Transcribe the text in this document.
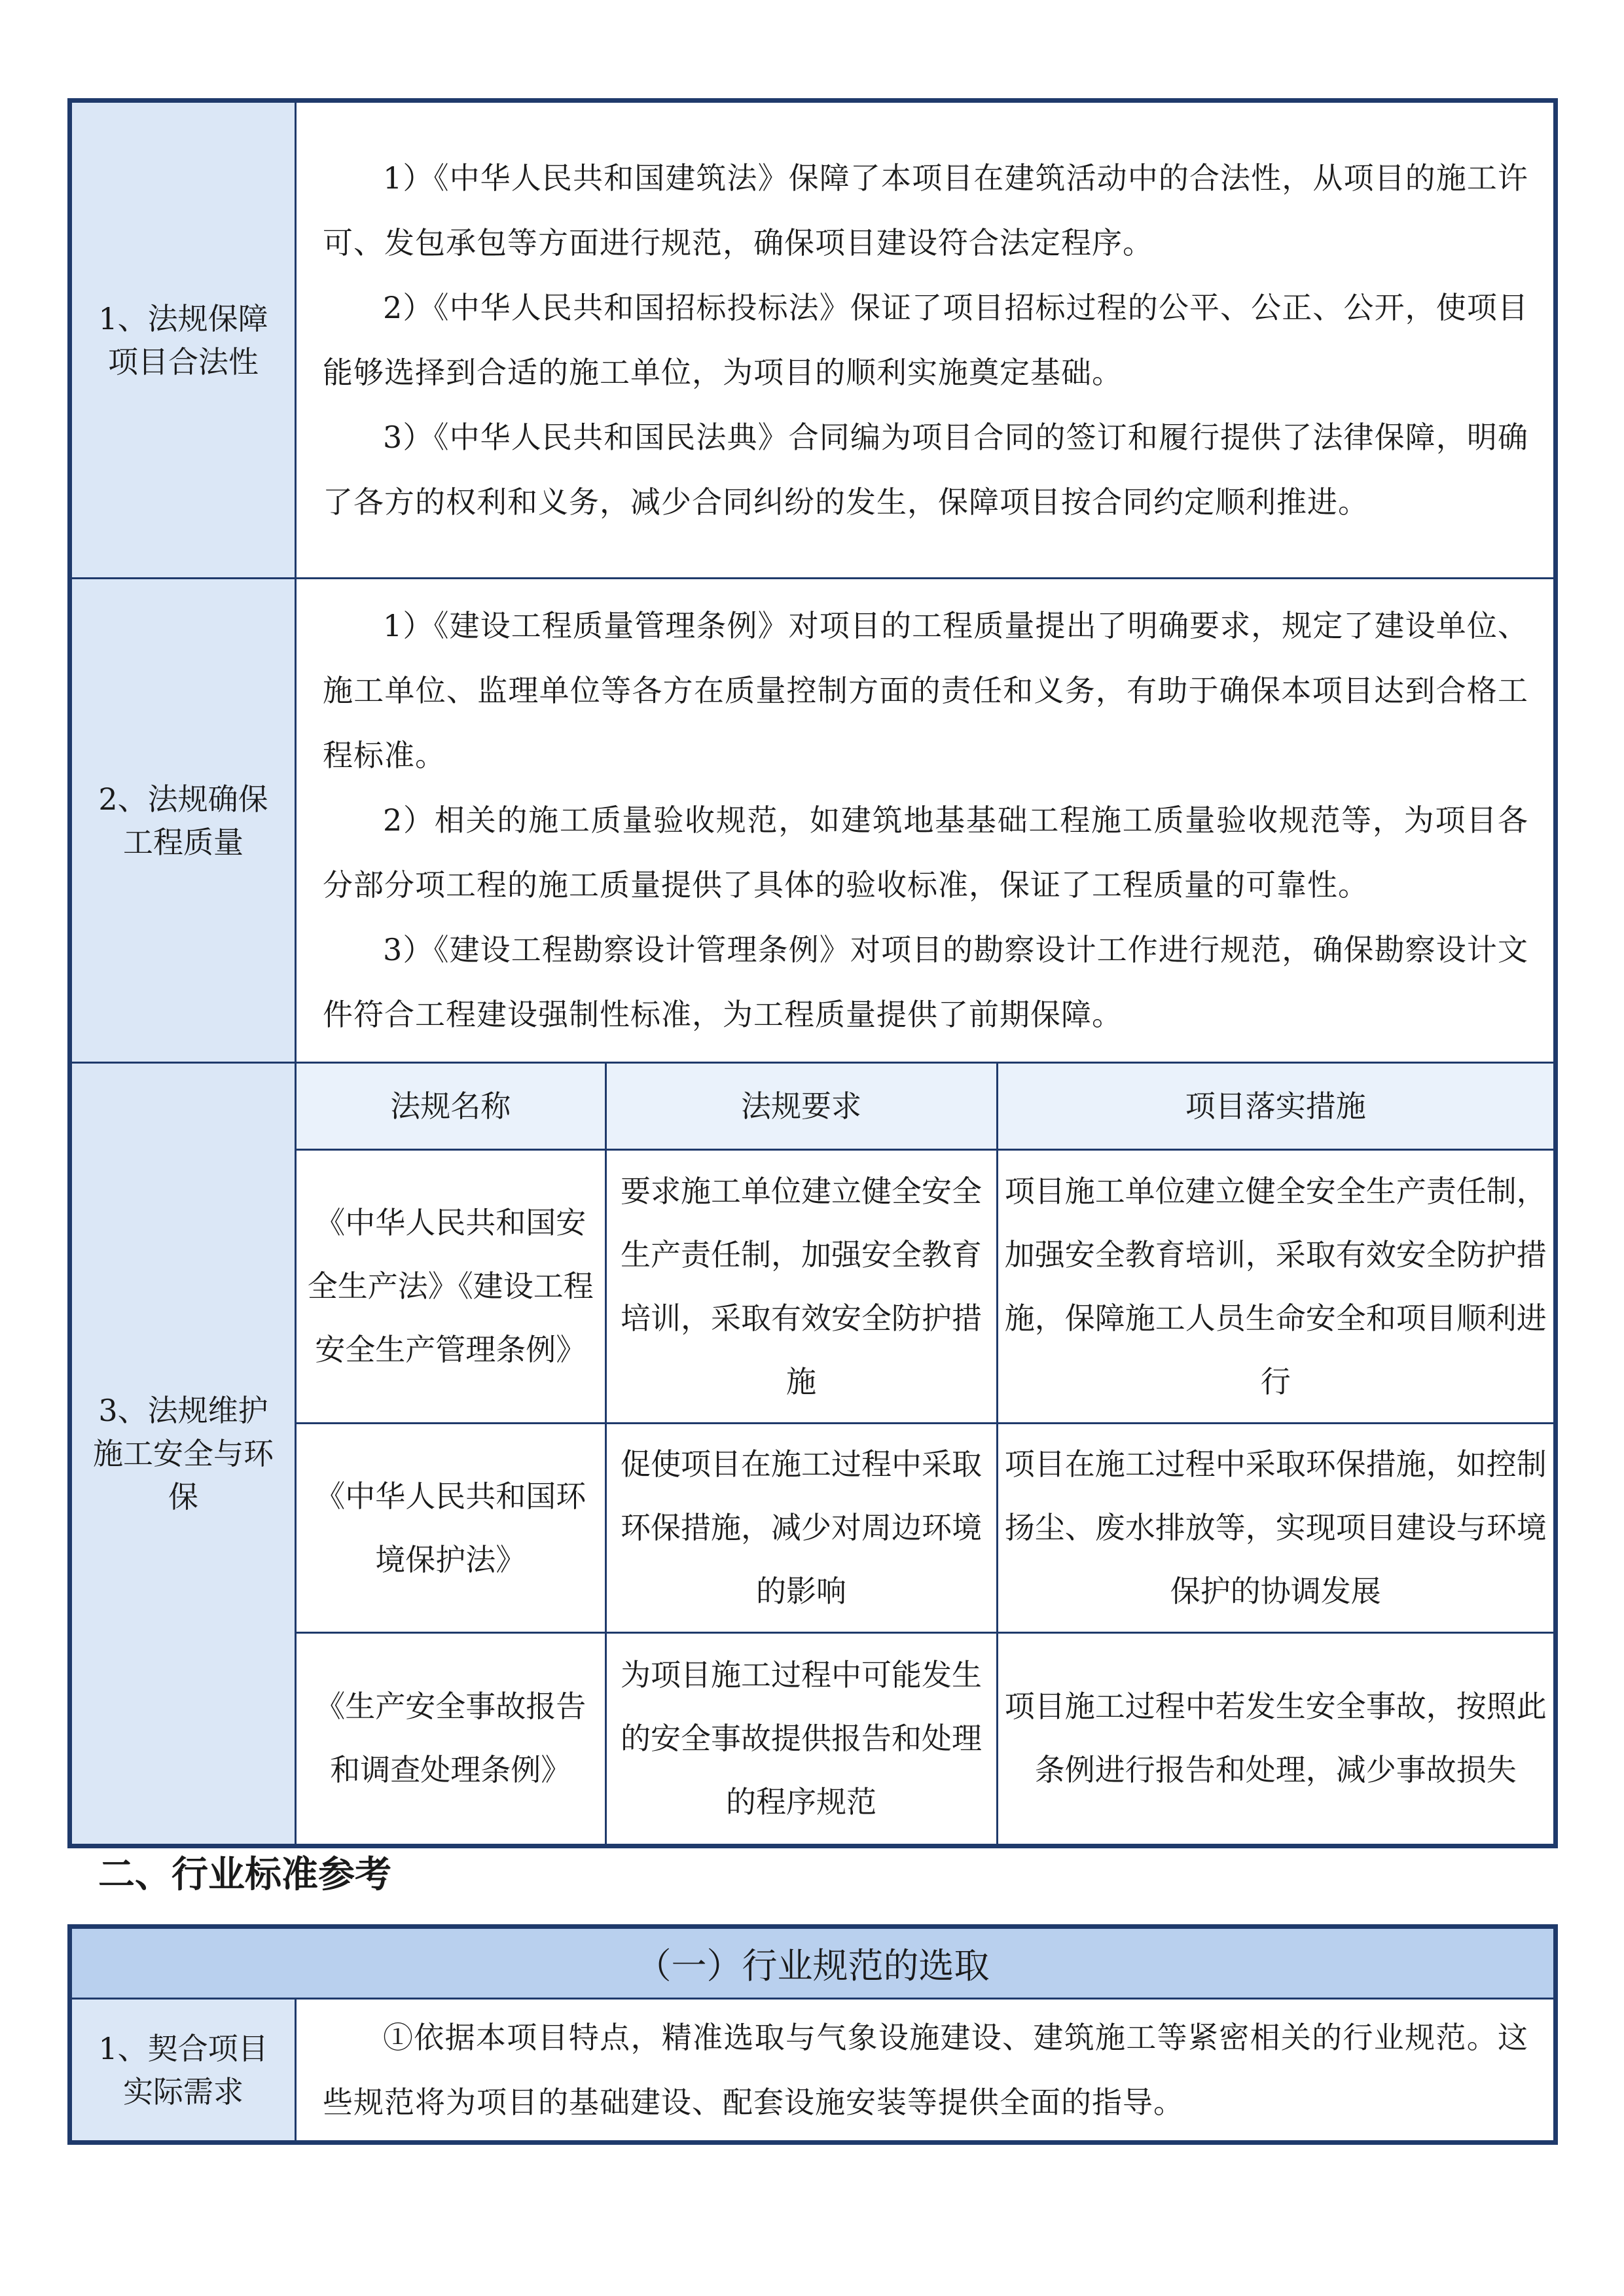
1、法规保障项目合法性	

1）《中华人民共和国建筑法》保障了本项目在建筑活动中的合法性，从项目的施工许可、发包承包等方面进行规范，确保项目建设符合法定程序。

2）《中华人民共和国招标投标法》保证了项目招标过程的公平、公正、公开，使项目能够选择到合适的施工单位，为项目的顺利实施奠定基础。

3）《中华人民共和国民法典》合同编为项目合同的签订和履行提供了法律保障，明确了各方的权利和义务，减少合同纠纷的发生，保障项目按合同约定顺利推进。

2、法规确保工程质量	

1）《建设工程质量管理条例》对项目的工程质量提出了明确要求，规定了建设单位、施工单位、监理单位等各方在质量控制方面的责任和义务，有助于确保本项目达到合格工程标准。

2）相关的施工质量验收规范，如建筑地基基础工程施工质量验收规范等，为项目各分部分项工程的施工质量提供了具体的验收标准，保证了工程质量的可靠性。

3）《建设工程勘察设计管理条例》对项目的勘察设计工作进行规范，确保勘察设计文件符合工程建设强制性标准，为工程质量提供了前期保障。

3、法规维护施工安全与环保	
法规名称	法规要求	项目落实措施
《中华人民共和国安全生产法》《建设工程安全生产管理条例》	要求施工单位建立健全安全生产责任制，加强安全教育培训，采取有效安全防护措施	项目施工单位建立健全安全生产责任制，加强安全教育培训，采取有效安全防护措施，保障施工人员生命安全和项目顺利进行
《中华人民共和国环境保护法》	促使项目在施工过程中采取环保措施，减少对周边环境的影响	项目在施工过程中采取环保措施，如控制扬尘、废水排放等，实现项目建设与环境保护的协调发展
《生产安全事故报告和调查处理条例》	为项目施工过程中可能发生的安全事故提供报告和处理的程序规范	项目施工过程中若发生安全事故，按照此条例进行报告和处理，减少事故损失
二、行业标准参考
（一）行业规范的选取
1、契合项目实际需求	

①依据本项目特点，精准选取与气象设施建设、建筑施工等紧密相关的行业规范。这些规范将为项目的基础建设、配套设施安装等提供全面的指导。
